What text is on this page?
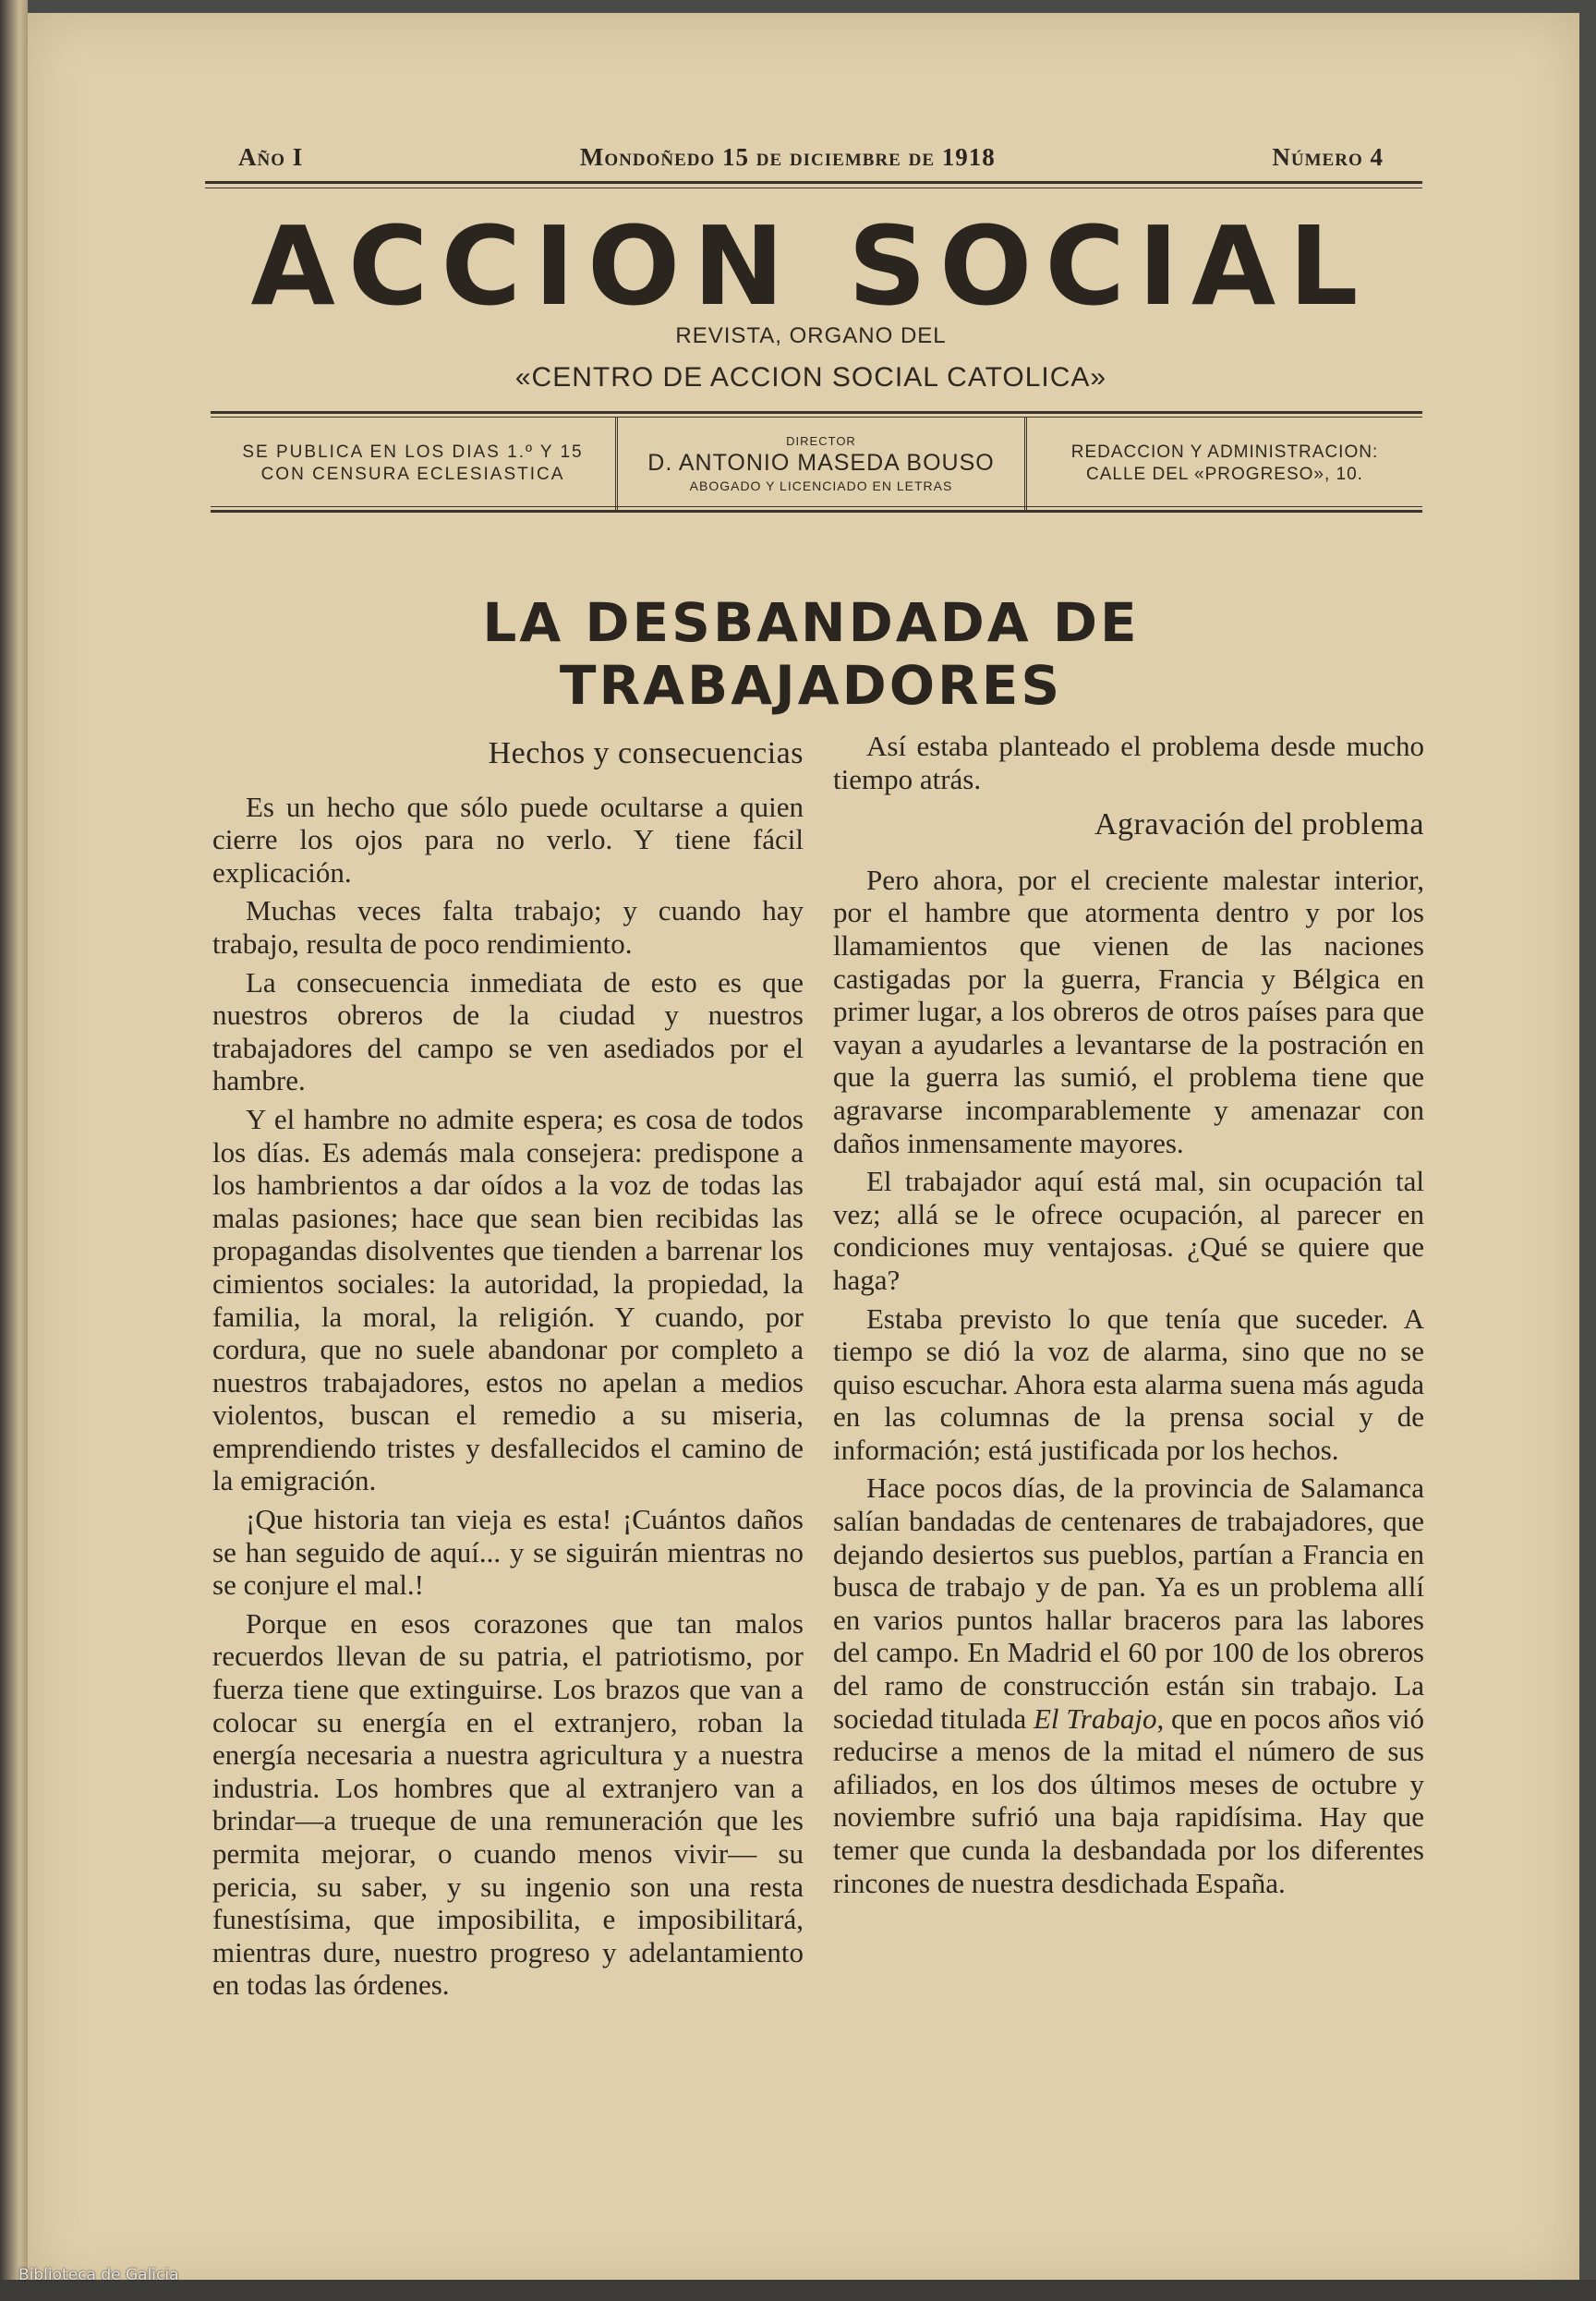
Año I	Mondoñedo 15 de diciembre de 1918	Número 4
ACCION SOCIAL
REVISTA, ORGANO DEL
«CENTRO DE ACCION SOCIAL CATOLICA»
SE PUBLICA EN LOS DIAS 1.º Y 15
CON CENSURA ECLESIASTICA
DIRECTOR
D. ANTONIO MASEDA BOUSO
ABOGADO Y LICENCIADO EN LETRAS
REDACCION Y ADMINISTRACION:
CALLE DEL «PROGRESO», 10.
LA DESBANDADA DE TRABAJADORES
Hechos y consecuencias

Es un hecho que sólo puede ocultarse a quien cierre los ojos para no verlo. Y tiene fácil explicación.

Muchas veces falta trabajo; y cuando hay trabajo, resulta de poco rendimiento.

La consecuencia inmediata de esto es que nuestros obreros de la ciudad y nuestros trabajadores del campo se ven asediados por el hambre.

Y el hambre no admite espera; es cosa de todos los días. Es además mala consejera: predispone a los hambrientos a dar oídos a la voz de todas las malas pasiones; hace que sean bien recibidas las propagandas disolventes que tienden a barrenar los cimientos sociales: la autoridad, la propiedad, la familia, la moral, la religión. Y cuando, por cordura, que no suele abandonar por completo a nuestros trabajadores, estos no apelan a medios violentos, buscan el remedio a su miseria, emprendiendo tristes y desfallecidos el camino de la emigración.

¡Que historia tan vieja es esta! ¡Cuántos daños se han seguido de aquí... y se siguirán mientras no se conjure el mal.!

Porque en esos corazones que tan malos recuerdos llevan de su patria, el patriotismo, por fuerza tiene que extinguirse. Los brazos que van a colocar su energía en el extranjero, roban la energía necesaria a nuestra agricultura y a nuestra industria. Los hombres que al extranjero van a brindar—a trueque de una remuneración que les permita mejorar, o cuando menos vivir— su pericia, su saber, y su ingenio son una resta funestísima, que imposibilita, e imposibilitará, mientras dure, nuestro progreso y adelantamiento en todas las órdenes.

Así estaba planteado el problema desde mucho tiempo atrás.

Agravación del problema

Pero ahora, por el creciente malestar interior, por el hambre que atormenta dentro y por los llamamientos que vienen de las naciones castigadas por la guerra, Francia y Bélgica en primer lugar, a los obreros de otros países para que vayan a ayudarles a levantarse de la postración en que la guerra las sumió, el problema tiene que agravarse incomparablemente y amenazar con daños inmensamente mayores.

El trabajador aquí está mal, sin ocupación tal vez; allá se le ofrece ocupación, al parecer en condiciones muy ventajosas. ¿Qué se quiere que haga?

Estaba previsto lo que tenía que suceder. A tiempo se dió la voz de alarma, sino que no se quiso escuchar. Ahora esta alarma suena más aguda en las columnas de la prensa social y de información; está justificada por los hechos.

Hace pocos días, de la provincia de Salamanca salían bandadas de centenares de trabajadores, que dejando desiertos sus pueblos, partían a Francia en busca de trabajo y de pan. Ya es un problema allí en varios puntos hallar braceros para las labores del campo. En Madrid el 60 por 100 de los obreros del ramo de construcción están sin trabajo. La sociedad titulada El Trabajo, que en pocos años vió reducirse a menos de la mitad el número de sus afiliados, en los dos últimos meses de octubre y noviembre sufrió una baja rapidísima. Hay que temer que cunda la desbandada por los diferentes rincones de nuestra desdichada España.

Biblioteca de Galicia
